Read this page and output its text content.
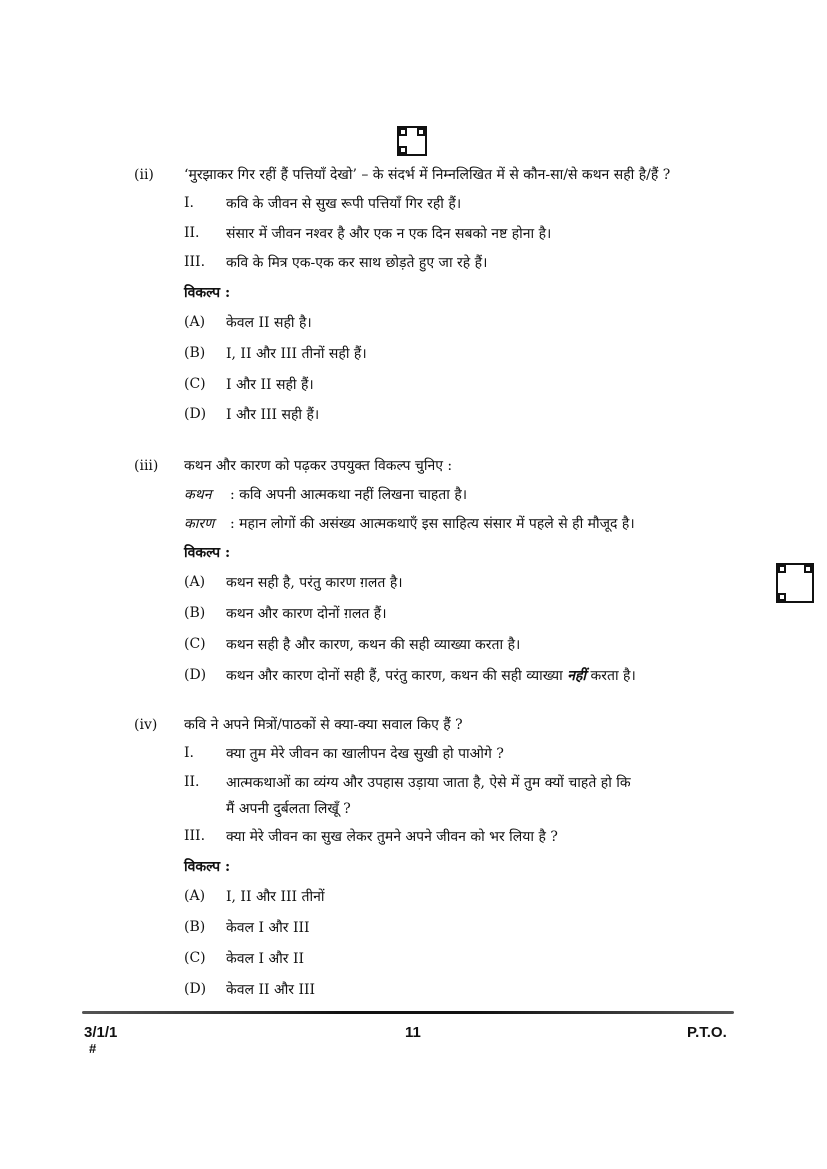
(ii) ‘मुरझाकर गिर रहीं हैं पत्तियाँ देखो’ – के संदर्भ में निम्नलिखित में से कौन-सा/से कथन सही है/हैं ?
I. कवि के जीवन से सुख रूपी पत्तियाँ गिर रही हैं।
II. संसार में जीवन नश्वर है और एक न एक दिन सबको नष्ट होना है।
III. कवि के मित्र एक-एक कर साथ छोड़ते हुए जा रहे हैं।
विकल्प :
(A) केवल II सही है।
(B) I, II और III तीनों सही हैं।
(C) I और II सही हैं।
(D) I और III सही हैं।
(iii) कथन और कारण को पढ़कर उपयुक्त विकल्प चुनिए :
कथन : कवि अपनी आत्मकथा नहीं लिखना चाहता है।
कारण : महान लोगों की असंख्य आत्मकथाएँ इस साहित्य संसार में पहले से ही मौजूद है।
विकल्प :
(A) कथन सही है, परंतु कारण ग़लत है।
(B) कथन और कारण दोनों ग़लत हैं।
(C) कथन सही है और कारण, कथन की सही व्याख्या करता है।
(D) कथन और कारण दोनों सही हैं, परंतु कारण, कथन की सही व्याख्या नहीं करता है।
(iv) कवि ने अपने मित्रों/पाठकों से क्या-क्या सवाल किए हैं ?
I. क्या तुम मेरे जीवन का खालीपन देख सुखी हो पाओगे ?
II. आत्मकथाओं का व्यंग्य और उपहास उड़ाया जाता है, ऐसे में तुम क्यों चाहते हो कि
मैं अपनी दुर्बलता लिखूँ ?
III. क्या मेरे जीवन का सुख लेकर तुमने अपने जीवन को भर लिया है ?
विकल्प :
(A) I, II और III तीनों
(B) केवल I और III
(C) केवल I और II
(D) केवल II और III
3/1/1
#
11	P.T.O.
